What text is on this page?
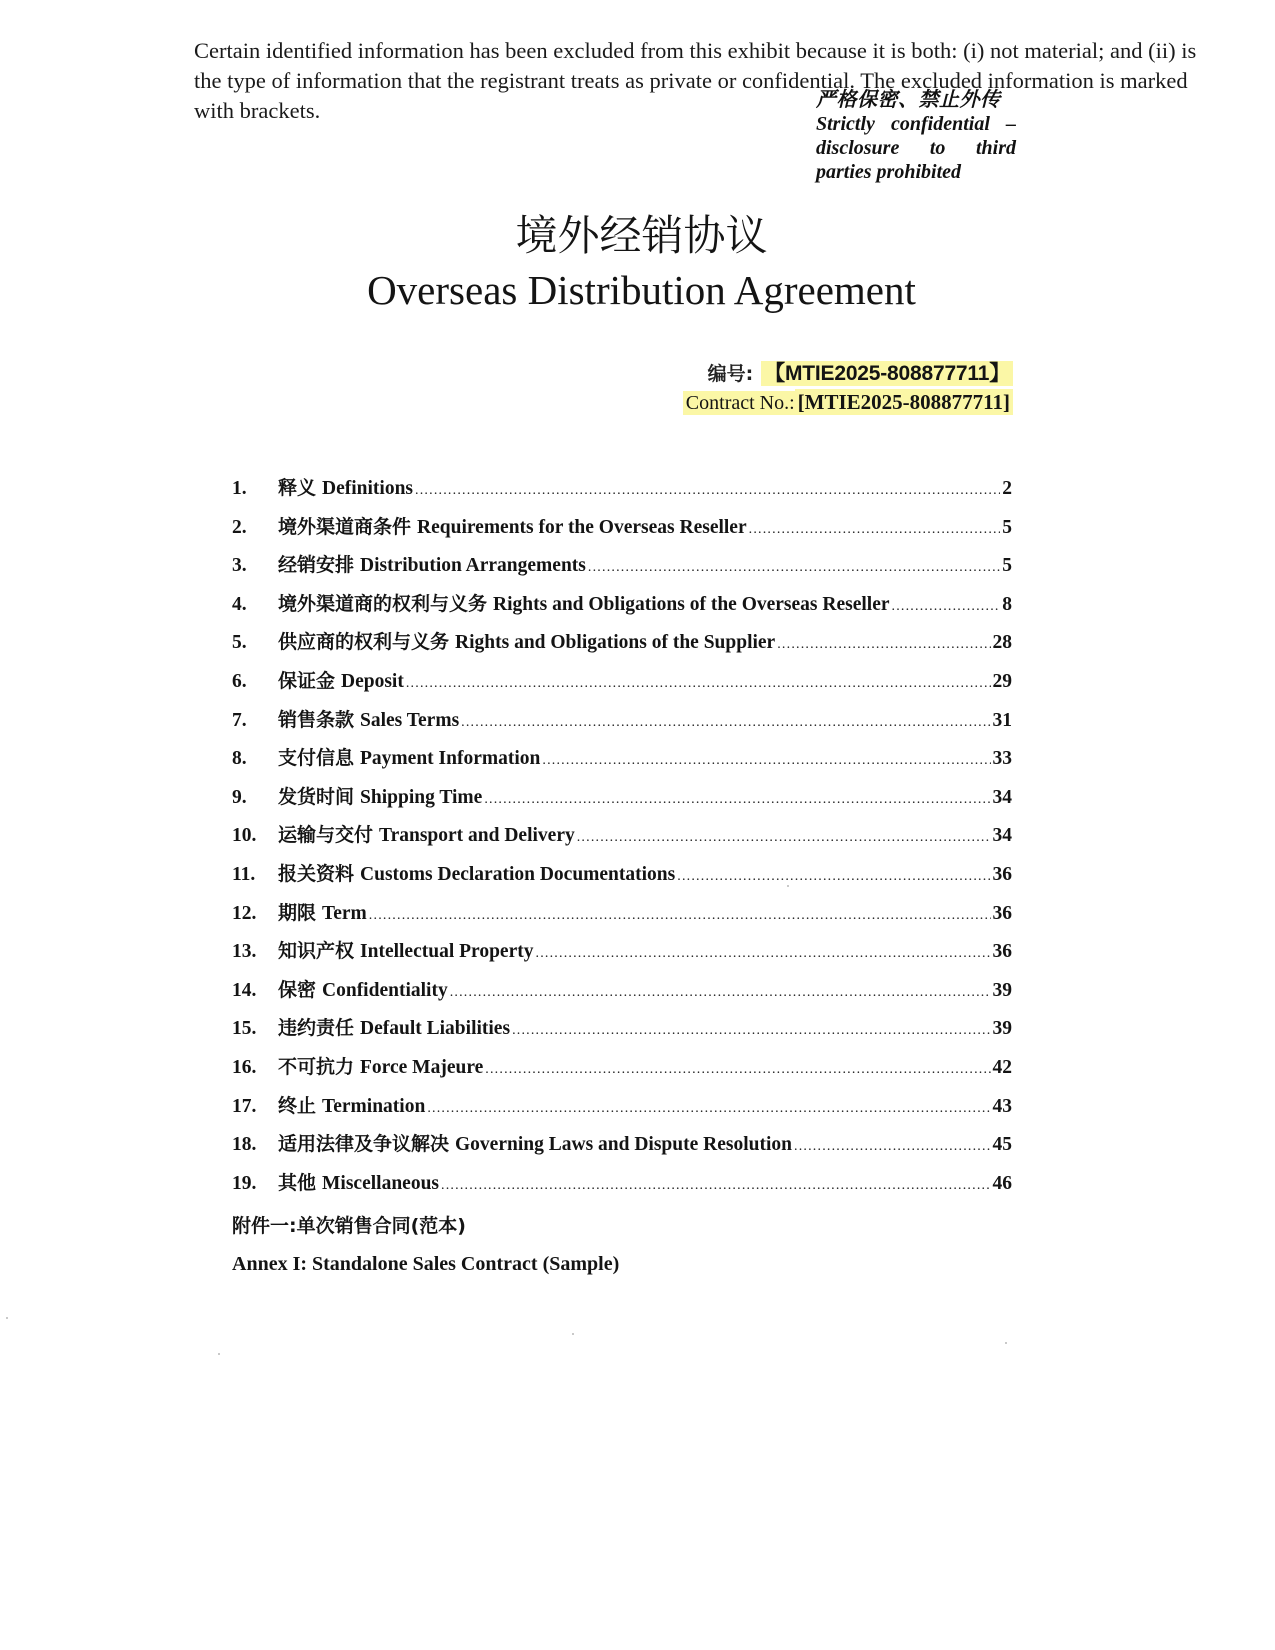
Certain identified information has been excluded from this exhibit because it is both: (i) not material; and (ii) is the type of information that the registrant treats as private or confidential. The excluded information is marked with brackets.	严格保密、禁止外传
Strictly confidential –
disclosure to third
parties prohibited
境外经销协议
Overseas Distribution Agreement
编号: 【MTIE2025-808877711】
Contract No.: [MTIE2025-808877711]
1.	释义 Definitions .....	2
2.	境外渠道商条件 Requirements for the Overseas Reseller .....	5
3.	经销安排 Distribution Arrangements .....	5
4.	境外渠道商的权利与义务 Rights and Obligations of the Overseas Reseller .....	8
5.	供应商的权利与义务 Rights and Obligations of the Supplier .....	28
6.	保证金 Deposit .....	29
7.	销售条款 Sales Terms .....	31
8.	支付信息 Payment Information .....	33
9.	发货时间 Shipping Time .....	34
10.	运输与交付 Transport and Delivery .....	34
11.	报关资料 Customs Declaration Documentations .....	36
12.	期限 Term .....	36
13.	知识产权 Intellectual Property .....	36
14.	保密 Confidentiality .....	39
15.	违约责任 Default Liabilities .....	39
16.	不可抗力 Force Majeure .....	42
17.	终止 Termination .....	43
18.	适用法律及争议解决 Governing Laws and Dispute Resolution .....	45
19.	其他 Miscellaneous .....	46
附件一:单次销售合同(范本)
Annex I: Standalone Sales Contract (Sample)
